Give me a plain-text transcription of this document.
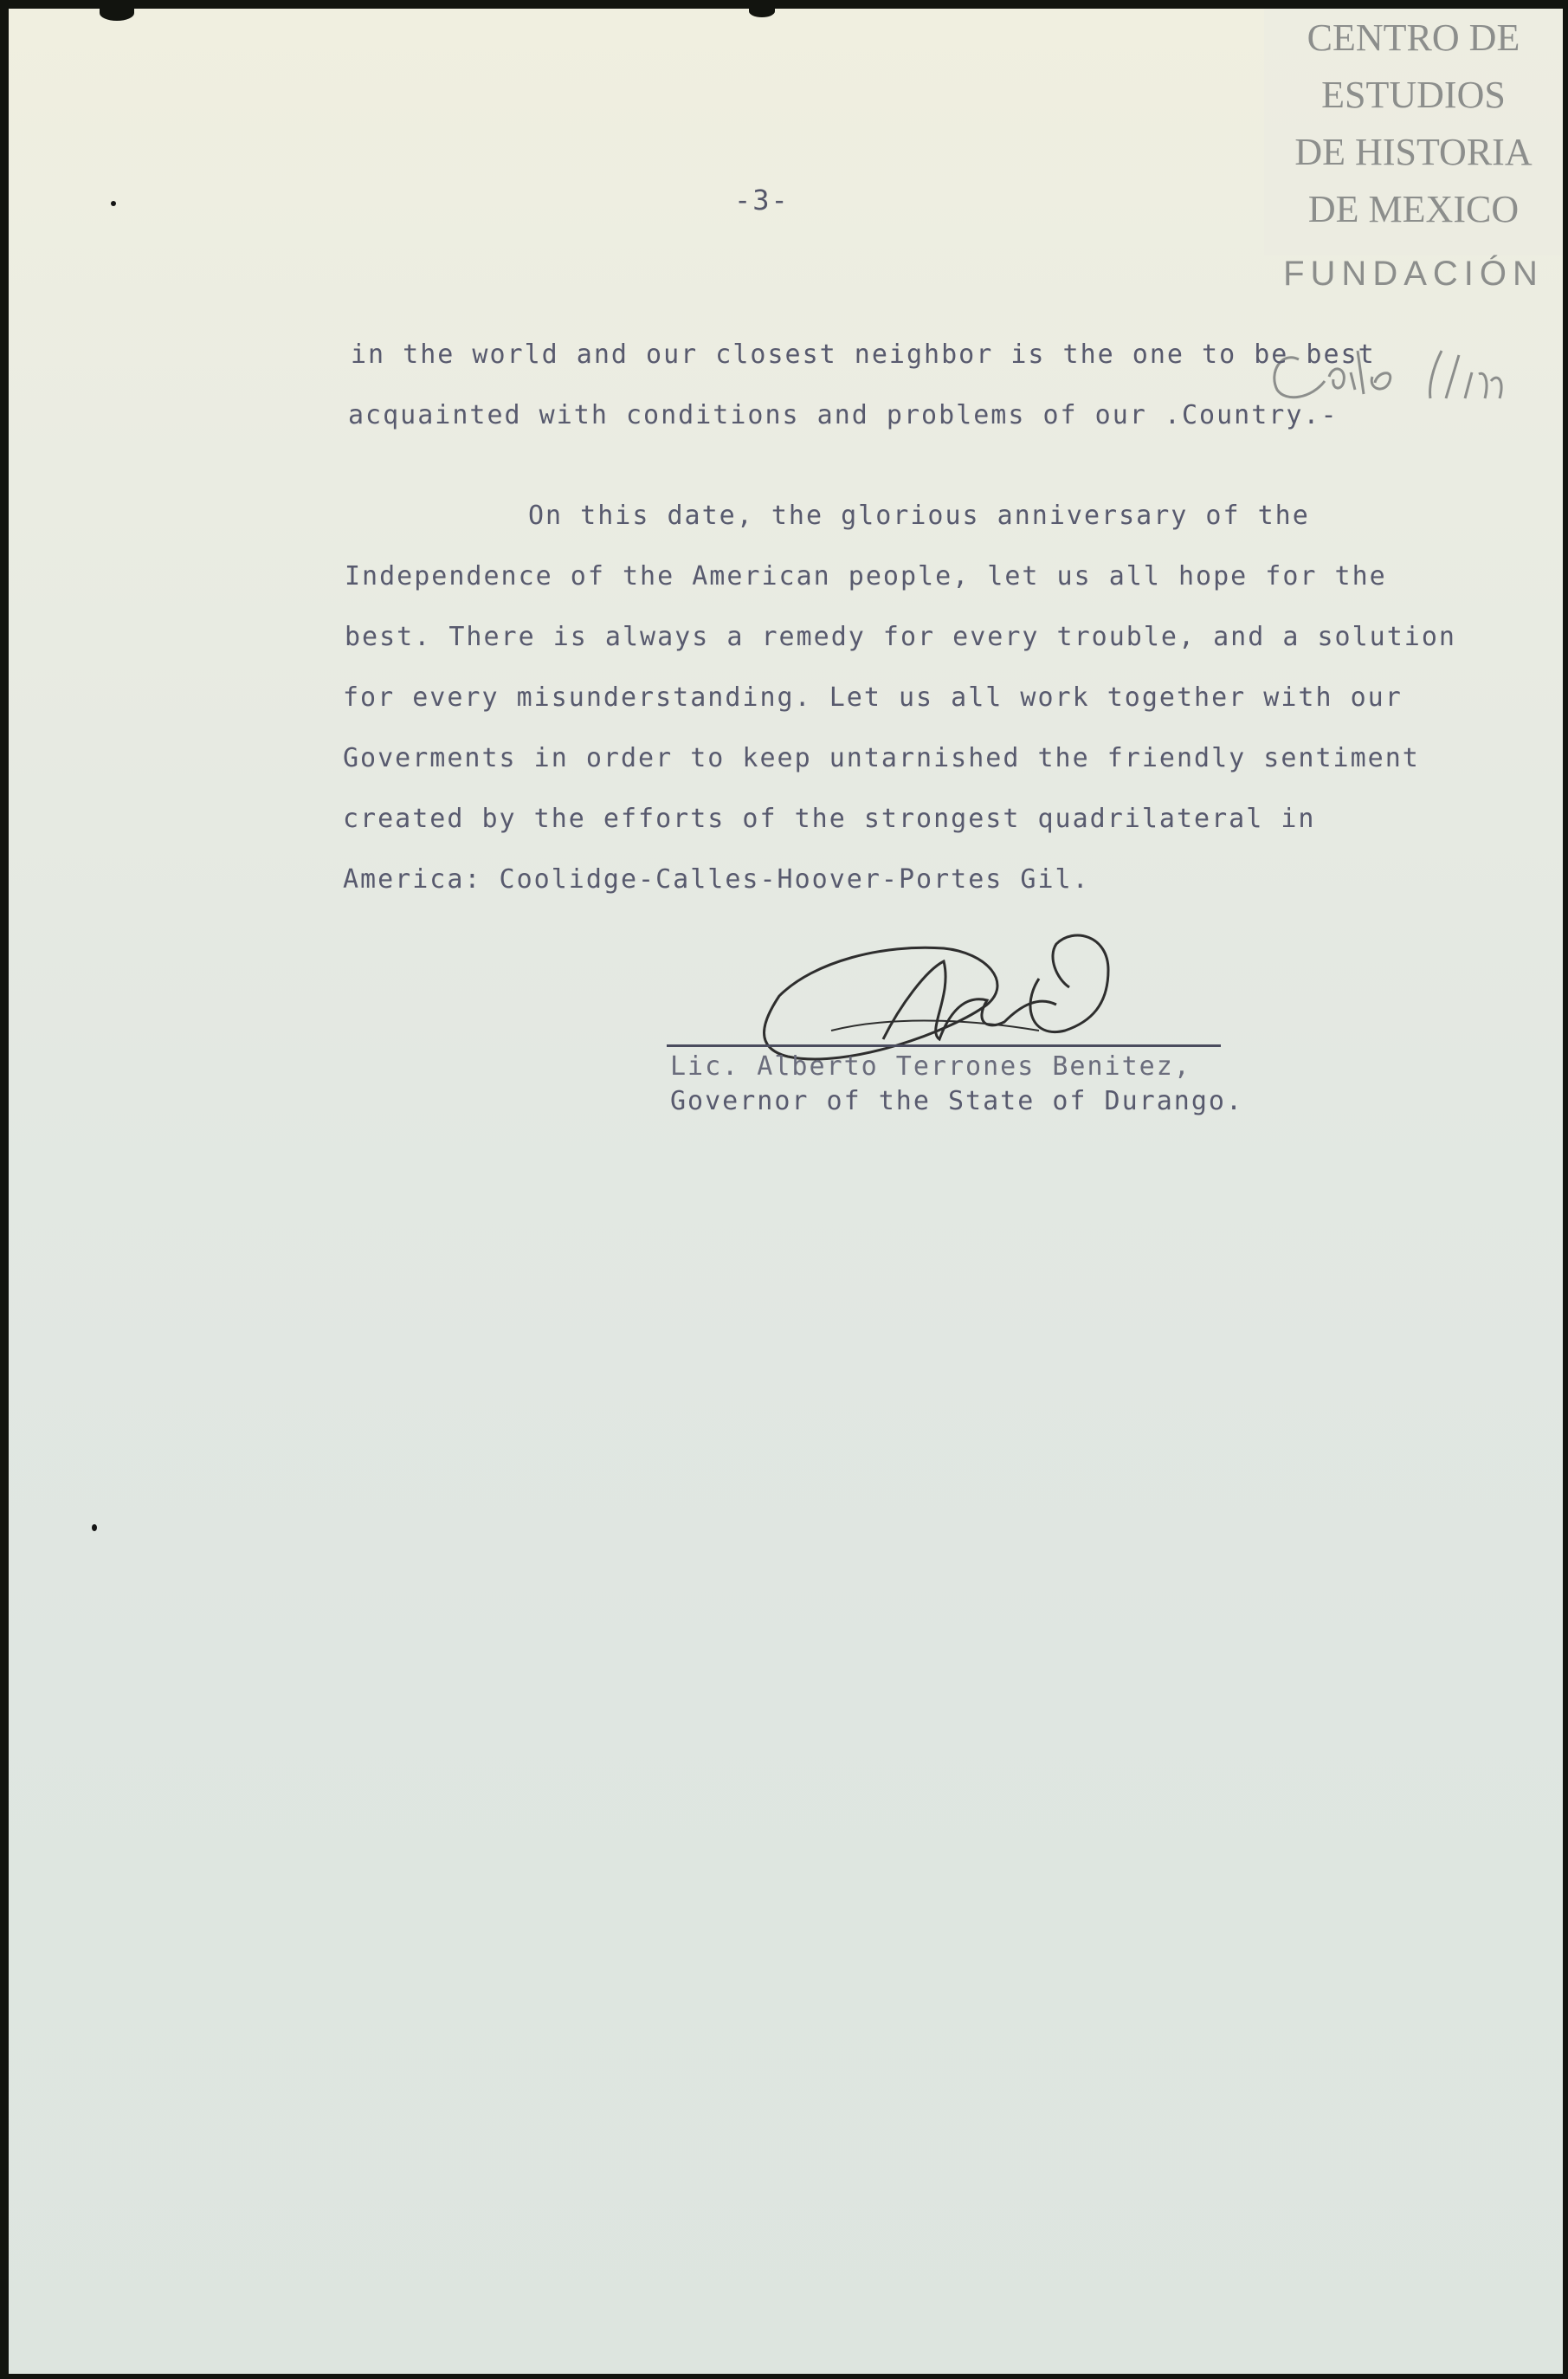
CENTRO DE
ESTUDIOS
DE HISTORIA
DE MEXICO
FUNDACIÓN
-3-
in the world and our closest neighbor is the one to be best
acquainted with conditions and problems of our .Country.-
On this date, the glorious anniversary of the
Independence of the American people, let us all hope for the
best. There is always a remedy for every trouble, and a solution
for every misunderstanding. Let us all work together with our
Goverments in order to keep untarnished the friendly sentiment
created by the efforts of the strongest quadrilateral in
America: Coolidge-Calles-Hoover-Portes Gil.
Lic. Alberto Terrones Benitez,
Governor of the State of Durango.
